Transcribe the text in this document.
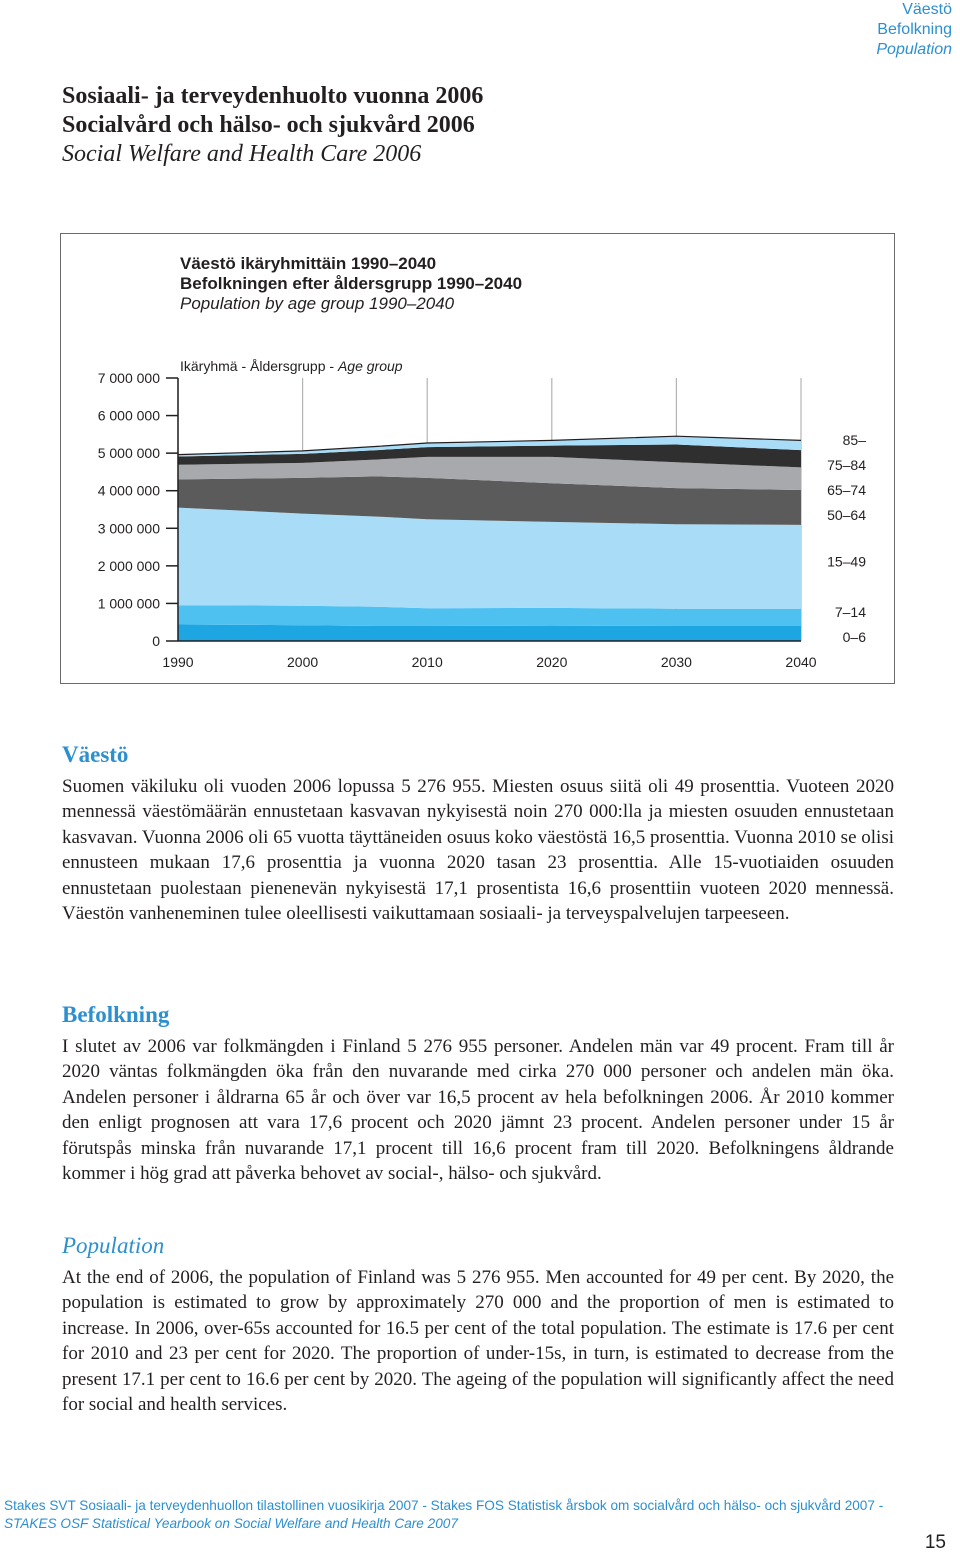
Väestö
Befolkning
Population
Sosiaali- ja terveydenhuolto vuonna 2006
Socialvård och hälso- och sjukvård 2006
Social Welfare and Health Care 2006
Väestö ikäryhmittäin 1990–2040
Befolkningen efter åldersgrupp 1990–2040
Population by age group 1990–2040
0
1 000 000
2 000 000
3 000 000
4 000 000
5 000 000
6 000 000
7 000 000
1990	2000	2010	2020	2030	2040
85–
75–84
65–74
50–64
15–49
7–14
0–6
Ikäryhmä - Åldersgrupp - Age group
Väestö

Suomen väkiluku oli vuoden 2006 lopussa 5 276 955. Miesten osuus siitä oli 49 prosenttia. Vuoteen 2020 mennessä väestömäärän ennustetaan kasvavan nykyisestä noin 270 000:lla ja miesten osuuden ennustetaan kasvavan. Vuonna 2006 oli 65 vuotta täyttäneiden osuus koko väestöstä 16,5 prosenttia. Vuonna 2010 se olisi ennusteen mukaan 17,6 prosenttia ja vuonna 2020 tasan 23 prosenttia. Alle 15-vuotiaiden osuuden ennustetaan puolestaan pienenevän nykyisestä 17,1 prosentista 16,6 prosenttiin vuoteen 2020 mennessä. Väestön vanheneminen tulee oleellisesti vaikuttamaan sosiaali- ja terveyspalvelujen tarpeeseen.

Befolkning

I slutet av 2006 var folkmängden i Finland 5 276 955 personer. Andelen män var 49 procent. Fram till år 2020 väntas folkmängden öka från den nuvarande med cirka 270 000 personer och andelen män öka. Andelen personer i åldrarna 65 år och över var 16,5 procent av hela befolkningen 2006. År 2010 kommer den enligt prognosen att vara 17,6 procent och 2020 jämnt 23 procent. Andelen personer under 15 år förutspås minska från nuvarande 17,1 procent till 16,6 procent fram till 2020. Befolkningens åldrande kommer i hög grad att påverka behovet av social-, hälso- och sjukvård.

Population

At the end of 2006, the population of Finland was 5 276 955. Men accounted for 49 per cent. By 2020, the population is estimated to grow by approximately 270 000 and the proportion of men is estimated to increase. In 2006, over-65s accounted for 16.5 per cent of the total population. The estimate is 17.6 per cent for 2010 and 23 per cent for 2020. The proportion of under-15s, in turn, is estimated to decrease from the present 17.1 per cent to 16.6 per cent by 2020. The ageing of the population will significantly affect the need for social and health services.

Stakes SVT Sosiaali- ja terveydenhuollon tilastollinen vuosikirja 2007 - Stakes FOS Statistisk årsbok om socialvård och hälso- och sjukvård 2007 -
STAKES OSF Statistical Yearbook on Social Welfare and Health Care 2007
15
